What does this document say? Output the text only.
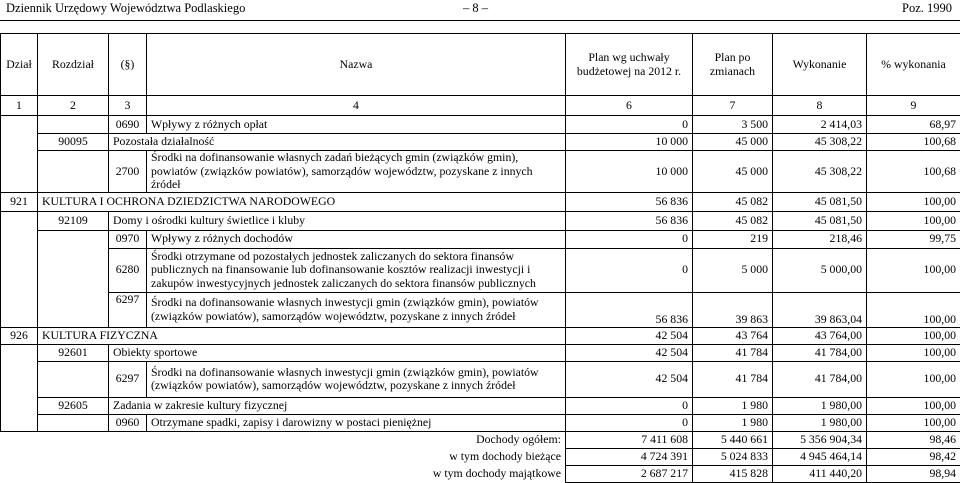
Dziennik Urzędowy Województwa Podlaskiego	– 8 –	Poz. 1990
Dział	Rozdział	(§)	Nazwa	Plan wg uchwały budżetowej na 2012 r.	Plan po zmianach	Wykonanie	% wykonania
1	2	3	4	6	7	8	9
		0690	Wpływy z różnych opłat	0	3 500	2 414,03	68,97
	90095	Pozostała działalność		10 000	45 000	45 308,22	100,68
		2700	Środki na dofinansowanie własnych zadań bieżących gmin (związków gmin), powiatów (związków powiatów), samorządów województw, pozyskane z innych źródeł	10 000	45 000	45 308,22	100,68
921	KULTURA I OCHRONA DZIEDZICTWA NARODOWEGO			56 836	45 082	45 081,50	100,00
	92109	Domy i ośrodki kultury świetlice i kluby		56 836	45 082	45 081,50	100,00
		0970	Wpływy z różnych dochodów	0	219	218,46	99,75
		6280	Środki otrzymane od pozostałych jednostek zaliczanych do sektora finansów publicznych na finansowanie lub dofinansowanie kosztów realizacji inwestycji i zakupów inwestycyjnych jednostek zaliczanych do sektora finansów publicznych	0	5 000	5 000,00	100,00
		6297	Środki na dofinansowanie własnych inwestycji gmin (związków gmin), powiatów (związków powiatów), samorządów województw, pozyskane z innych źródeł	56 836	39 863	39 863,04	100,00
926	KULTURA FIZYCZNA			42 504	43 764	43 764,00	100,00
	92601	Obiekty sportowe		42 504	41 784	41 784,00	100,00
		6297	Środki na dofinansowanie własnych inwestycji gmin (związków gmin), powiatów (związków powiatów), samorządów województw, pozyskane z innych źródeł	42 504	41 784	41 784,00	100,00
	92605	Zadania w zakresie kultury fizycznej		0	1 980	1 980,00	100,00
		0960	Otrzymane spadki, zapisy i darowizny w postaci pieniężnej	0	1 980	1 980,00	100,00
			Dochody ogółem:	7 411 608	5 440 661	5 356 904,34	98,46
			w tym dochody bieżące	4 724 391	5 024 833	4 945 464,14	98,42
			w tym dochody majątkowe	2 687 217	415 828	411 440,20	98,94
